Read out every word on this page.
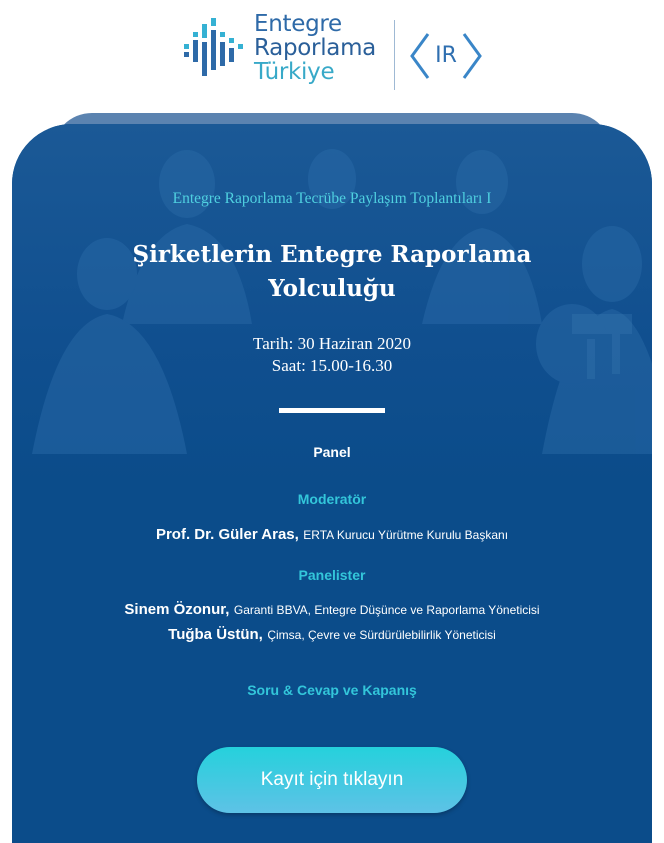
Entegre
Raporlama
Türkiye
IR
Entegre Raporlama Tecrübe Paylaşım Toplantıları I
Şirketlerin Entegre Raporlama Yolculuğu
Tarih: 30 Haziran 2020
Saat: 15.00-16.30
Panel
Moderatör
Prof. Dr. Güler Aras, ERTA Kurucu Yürütme Kurulu Başkanı
Panelister
Sinem Özonur, Garanti BBVA, Entegre Düşünce ve Raporlama Yöneticisi
Tuğba Üstün, Çimsa, Çevre ve Sürdürülebilirlik Yöneticisi
Soru & Cevap ve Kapanış
Kayıt için tıklayın
